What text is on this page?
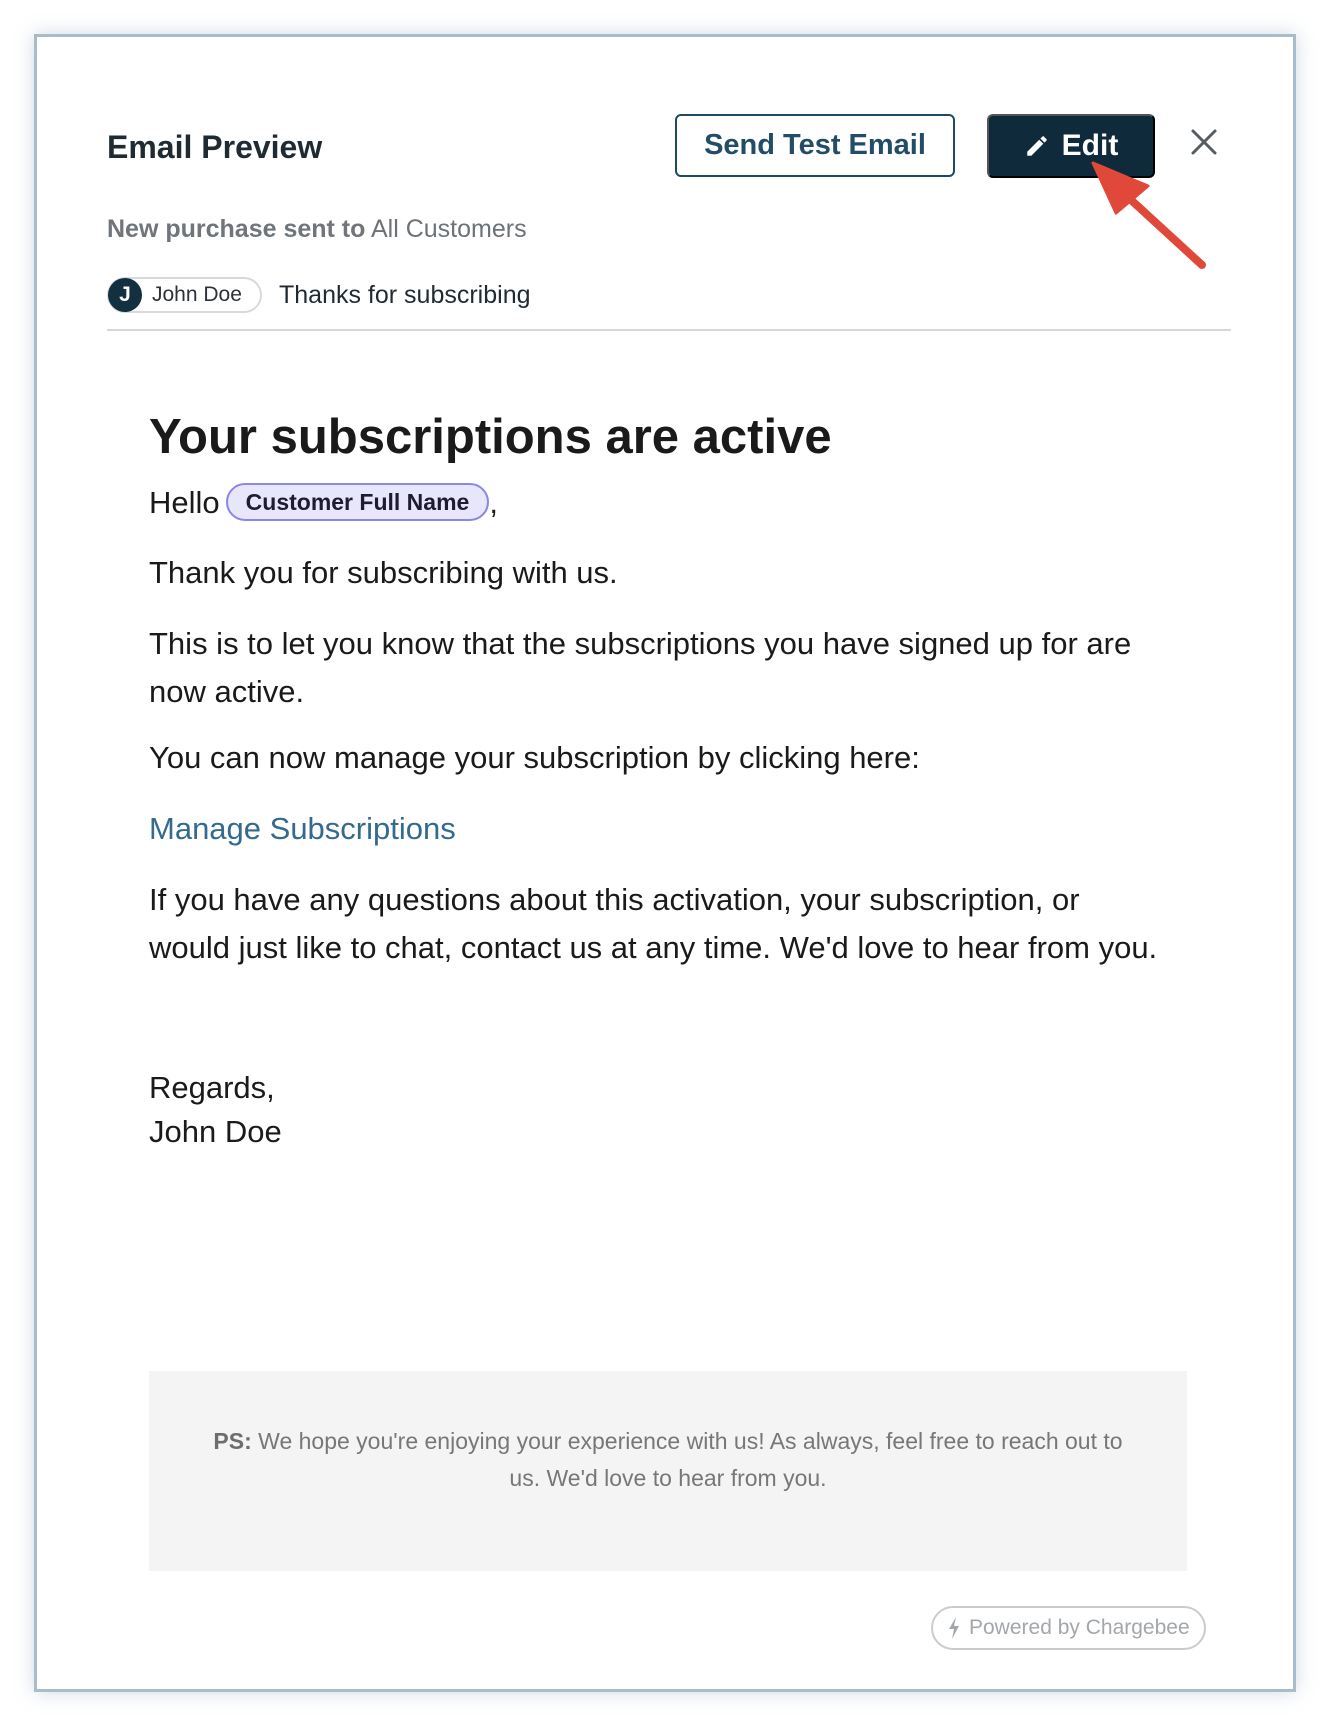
Email Preview	Send Test Email	Edit
New purchase sent to All Customers
J	John Doe Thanks for subscribing
Your subscriptions are active
Hello Customer Full Name ,
Thank you for subscribing with us.
This is to let you know that the subscriptions you have signed up for are now active.
You can now manage your subscription by clicking here:
Manage Subscriptions
If you have any questions about this activation, your subscription, or would just like to chat, contact us at any time. We'd love to hear from you.
Regards,
John Doe
PS: We hope you're enjoying your experience with us! As always, feel free to reach out to us. We'd love to hear from you.
Powered by Chargebee
